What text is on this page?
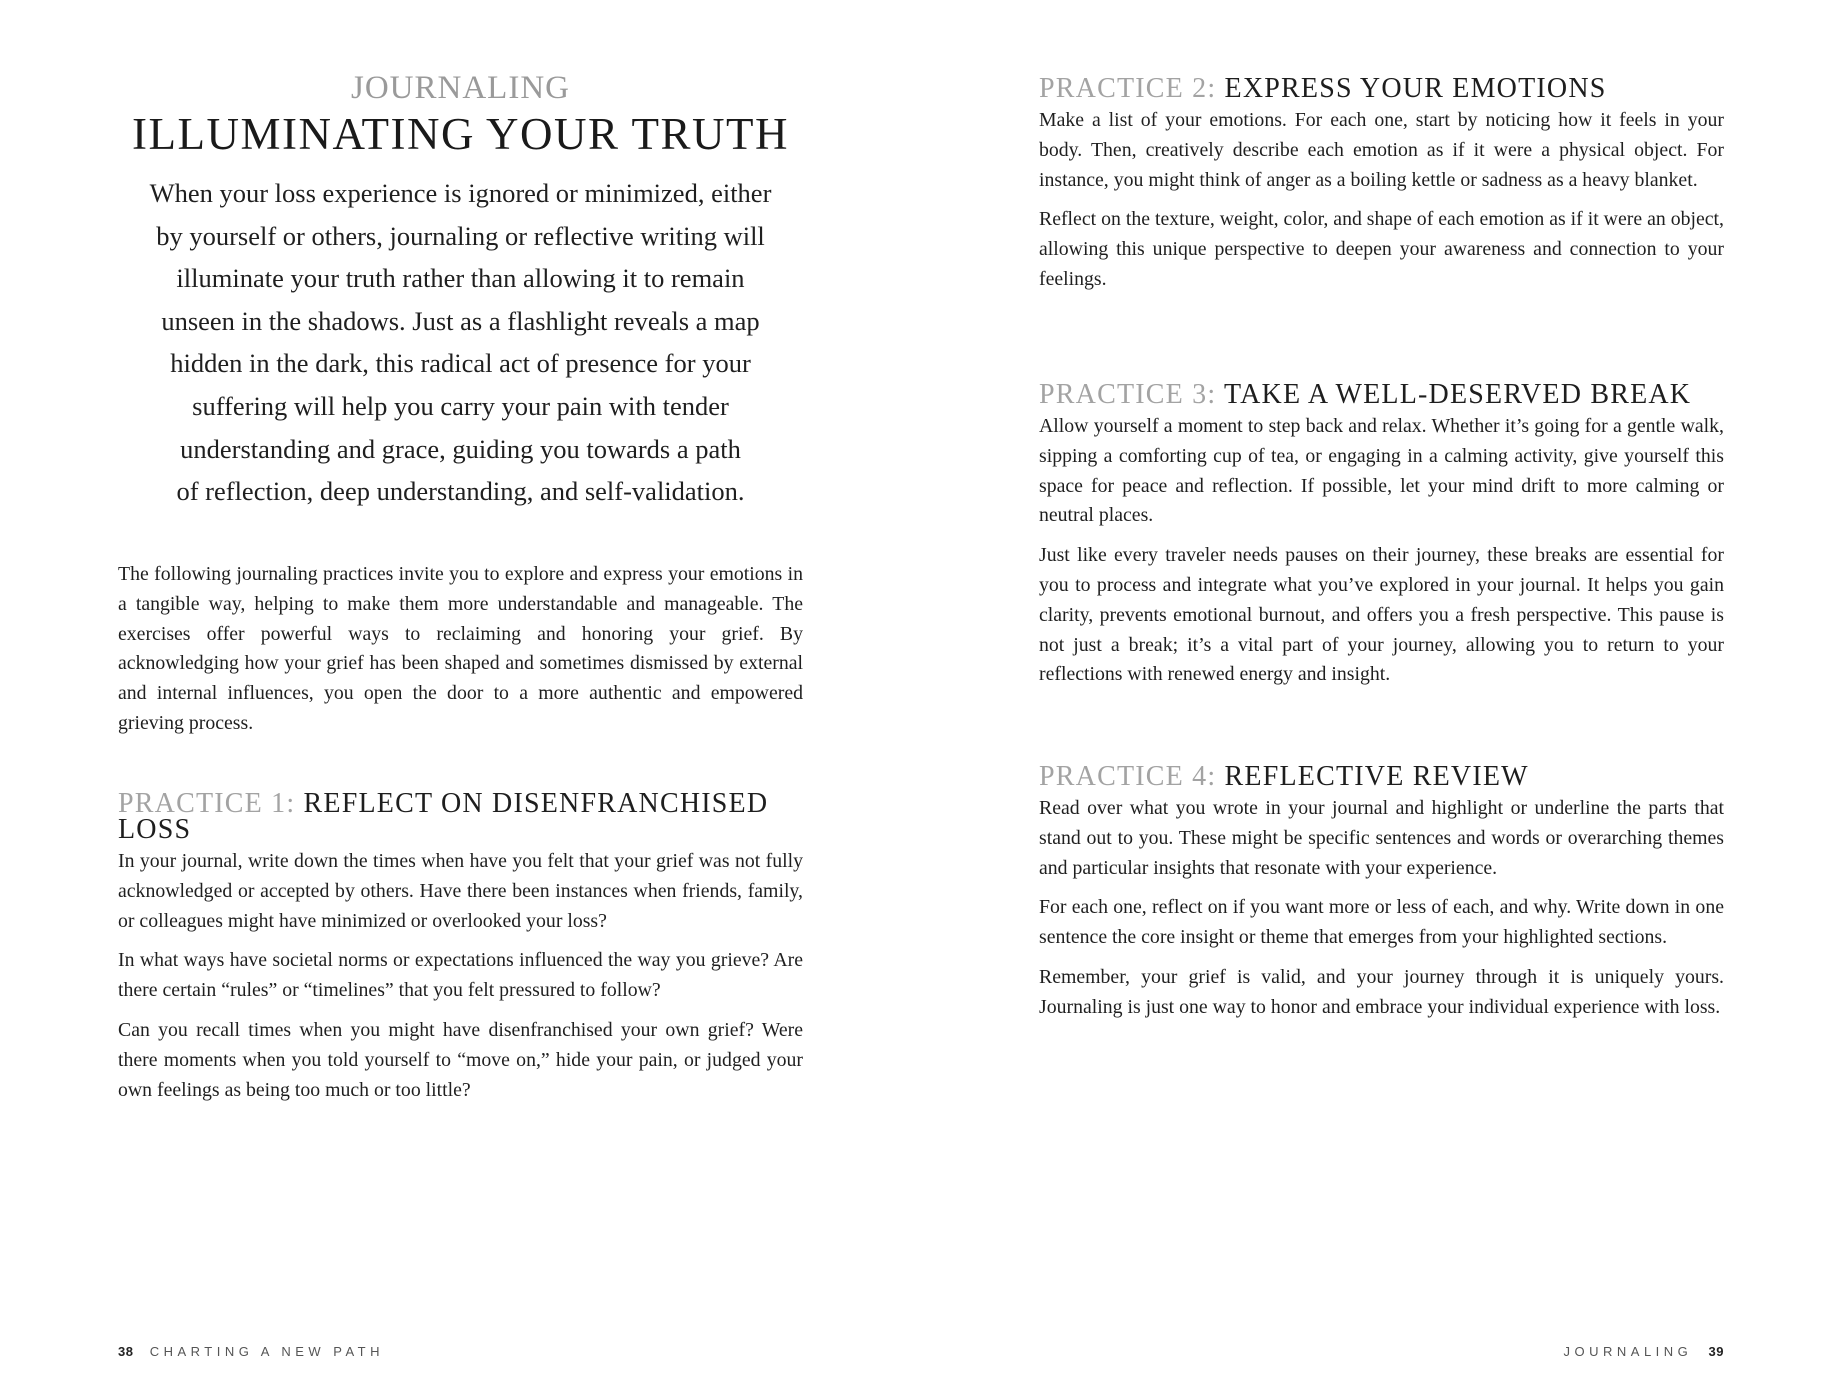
JOURNALING
ILLUMINATING YOUR TRUTH

When your loss experience is ignored or minimized, either
by yourself or others, journaling or reflective writing will
illuminate your truth rather than allowing it to remain
unseen in the shadows. Just as a flashlight reveals a map
hidden in the dark, this radical act of presence for your
suffering will help you carry your pain with tender
understanding and grace, guiding you towards a path
of reflection, deep understanding, and self-validation.

The following journaling practices invite you to explore and express your emotions in a tangible way, helping to make them more understandable and manageable. The exercises offer powerful ways to reclaiming and honoring your grief. By acknowledging how your grief has been shaped and sometimes dismissed by external and internal influences, you open the door to a more authentic and empowered grieving process.

PRACTICE 1: REFLECT ON DISENFRANCHISED LOSS

In your journal, write down the times when have you felt that your grief was not fully acknowledged or accepted by others. Have there been instances when friends, family, or colleagues might have minimized or overlooked your loss?

In what ways have societal norms or expectations influenced the way you grieve? Are there certain “rules” or “timelines” that you felt pressured to follow?

Can you recall times when you might have disenfranchised your own grief? Were there moments when you told yourself to “move on,” hide your pain, or judged your own feelings as being too much or too little?

38 CHARTING A NEW PATH
PRACTICE 2: EXPRESS YOUR EMOTIONS

Make a list of your emotions. For each one, start by noticing how it feels in your body. Then, creatively describe each emotion as if it were a physical object. For instance, you might think of anger as a boiling kettle or sadness as a heavy blanket.

Reflect on the texture, weight, color, and shape of each emotion as if it were an object, allowing this unique perspective to deepen your awareness and connection to your feelings.

PRACTICE 3: TAKE A WELL-DESERVED BREAK

Allow yourself a moment to step back and relax. Whether it’s going for a gentle walk, sipping a comforting cup of tea, or engaging in a calming activity, give yourself this space for peace and reflection. If possible, let your mind drift to more calming or neutral places.

Just like every traveler needs pauses on their journey, these breaks are essential for you to process and integrate what you’ve explored in your journal. It helps you gain clarity, prevents emotional burnout, and offers you a fresh perspective. This pause is not just a break; it’s a vital part of your journey, allowing you to return to your reflections with renewed energy and insight.

PRACTICE 4: REFLECTIVE REVIEW

Read over what you wrote in your journal and highlight or underline the parts that stand out to you. These might be specific sentences and words or overarching themes and particular insights that resonate with your experience.

For each one, reflect on if you want more or less of each, and why. Write down in one sentence the core insight or theme that emerges from your highlighted sections.

Remember, your grief is valid, and your journey through it is uniquely yours. Journaling is just one way to honor and embrace your individual experience with loss.

JOURNALING 39
